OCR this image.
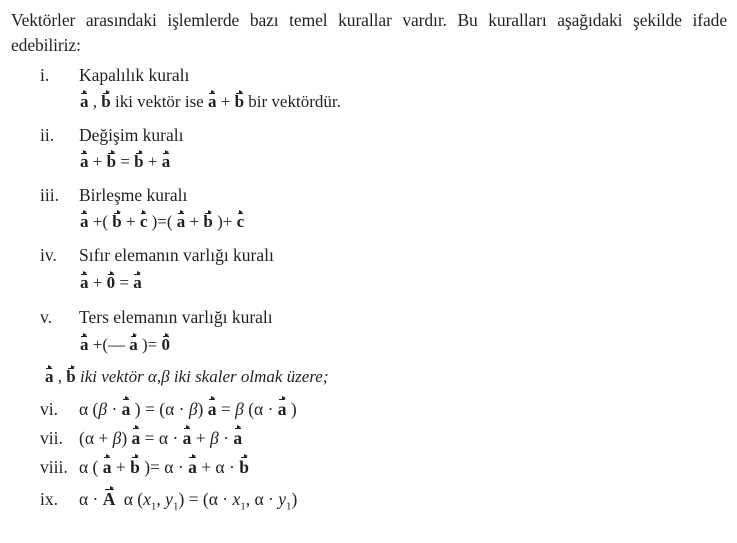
Vektörler arasındaki işlemlerde bazı temel kurallar vardır. Bu kuralları aşağıdaki şekilde ifade edebiliriz:
i. Kapalılık kuralı
a , b iki vektör ise a + b bir vektördür.
ii. Değişim kuralı
a + b = b + a
iii. Birleşme kuralı
a +( b + c )=( a + b )+ c
iv. Sıfır elemanın varlığı kuralı
a + 0 = a
v. Ters elemanın varlığı kuralı
a +(— a )= 0
a , b iki vektör α,β iki skaler olmak üzere;
vi. α (β · a ) = (α · β) a = β (α · a )
vii. (α + β) a = α · a + β · a
viii. α ( a + b )= α · a + α · b
ix. α · A α ($x_1$, $y_1) = (\alpha \cdot x_1$, $\alpha \cdot y_1$)
